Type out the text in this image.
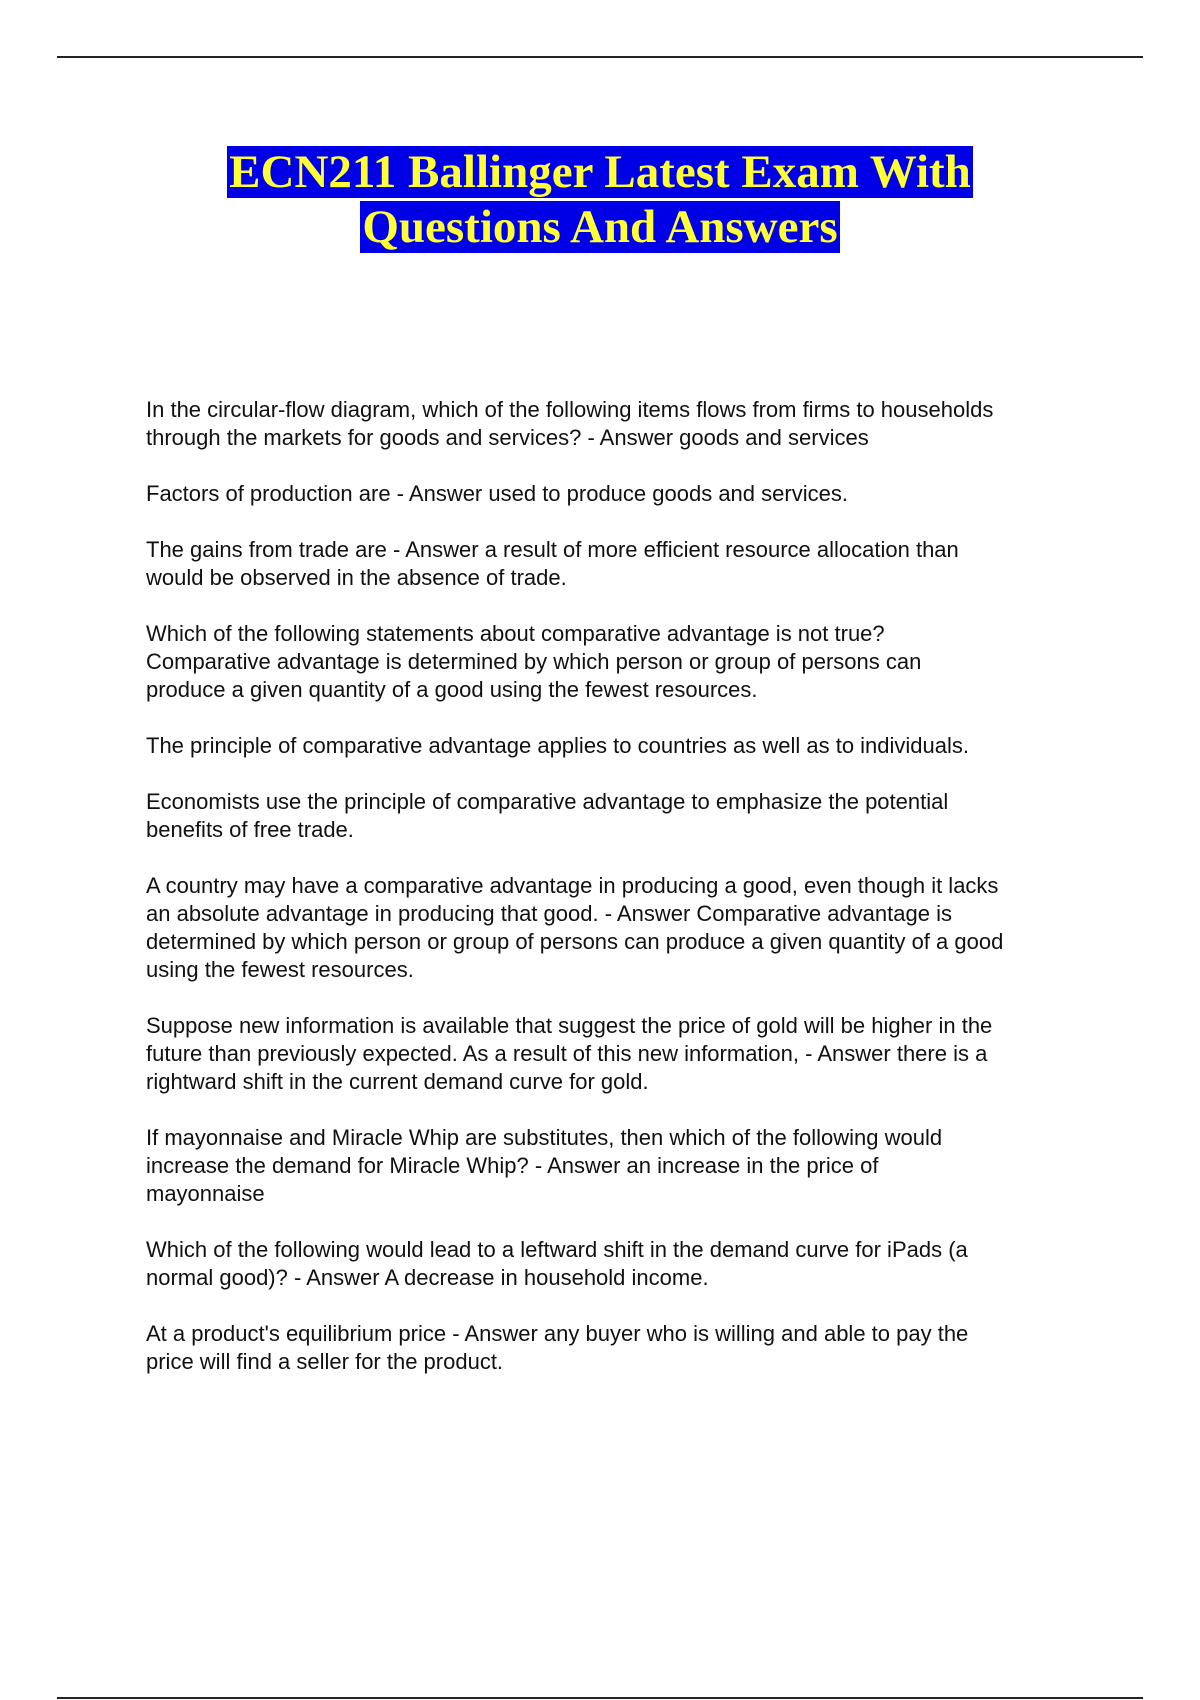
ECN211 Ballinger Latest Exam With
Questions And Answers

In the circular-flow diagram, which of the following items flows from firms to households
through the markets for goods and services? - Answer goods and services

Factors of production are - Answer used to produce goods and services.

The gains from trade are - Answer a result of more efficient resource allocation than
would be observed in the absence of trade.

Which of the following statements about comparative advantage is not true?
Comparative advantage is determined by which person or group of persons can
produce a given quantity of a good using the fewest resources.

The principle of comparative advantage applies to countries as well as to individuals.

Economists use the principle of comparative advantage to emphasize the potential
benefits of free trade.

A country may have a comparative advantage in producing a good, even though it lacks
an absolute advantage in producing that good. - Answer Comparative advantage is
determined by which person or group of persons can produce a given quantity of a good
using the fewest resources.

Suppose new information is available that suggest the price of gold will be higher in the
future than previously expected. As a result of this new information, - Answer there is a
rightward shift in the current demand curve for gold.

If mayonnaise and Miracle Whip are substitutes, then which of the following would
increase the demand for Miracle Whip? - Answer an increase in the price of
mayonnaise

Which of the following would lead to a leftward shift in the demand curve for iPads (a
normal good)? - Answer A decrease in household income.

At a product's equilibrium price - Answer any buyer who is willing and able to pay the
price will find a seller for the product.
